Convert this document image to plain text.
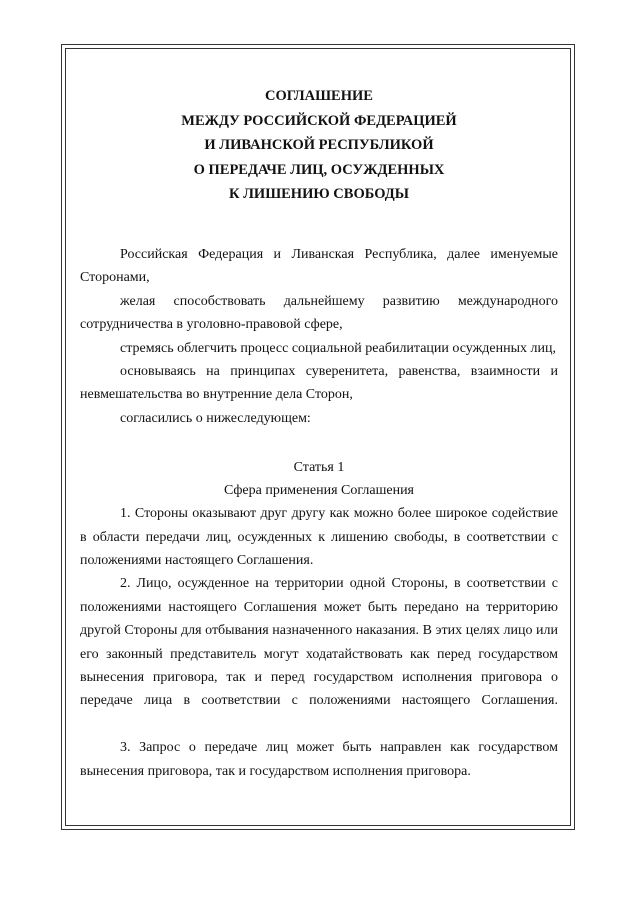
СОГЛАШЕНИЕ
МЕЖДУ РОССИЙСКОЙ ФЕДЕРАЦИЕЙ
И ЛИВАНСКОЙ РЕСПУБЛИКОЙ
О ПЕРЕДАЧЕ ЛИЦ, ОСУЖДЕННЫХ
К ЛИШЕНИЮ СВОБОДЫ

Российская Федерация и Ливанская Республика, далее именуемые Сторонами,

желая способствовать дальнейшему развитию международного сотрудничества в уголовно-правовой сфере,

стремясь облегчить процесс социальной реабилитации осужденных лиц,

основываясь на принципах суверенитета, равенства, взаимности и невмешательства во внутренние дела Сторон,

согласились о нижеследующем:

Статья 1
Сфера применения Соглашения

1. Стороны оказывают друг другу как можно более широкое содействие в области передачи лиц, осужденных к лишению свободы, в соответствии с положениями настоящего Соглашения.

2. Лицо, осужденное на территории одной Стороны, в соответствии с положениями настоящего Соглашения может быть передано на территорию другой Стороны для отбывания назначенного наказания. В этих целях лицо или его законный представитель могут ходатайствовать как перед государством вынесения приговора, так и перед государством исполнения приговора о передаче лица в соответствии с положениями настоящего Соглашения.

3. Запрос о передаче лиц может быть направлен как государством вынесения приговора, так и государством исполнения приговора.
